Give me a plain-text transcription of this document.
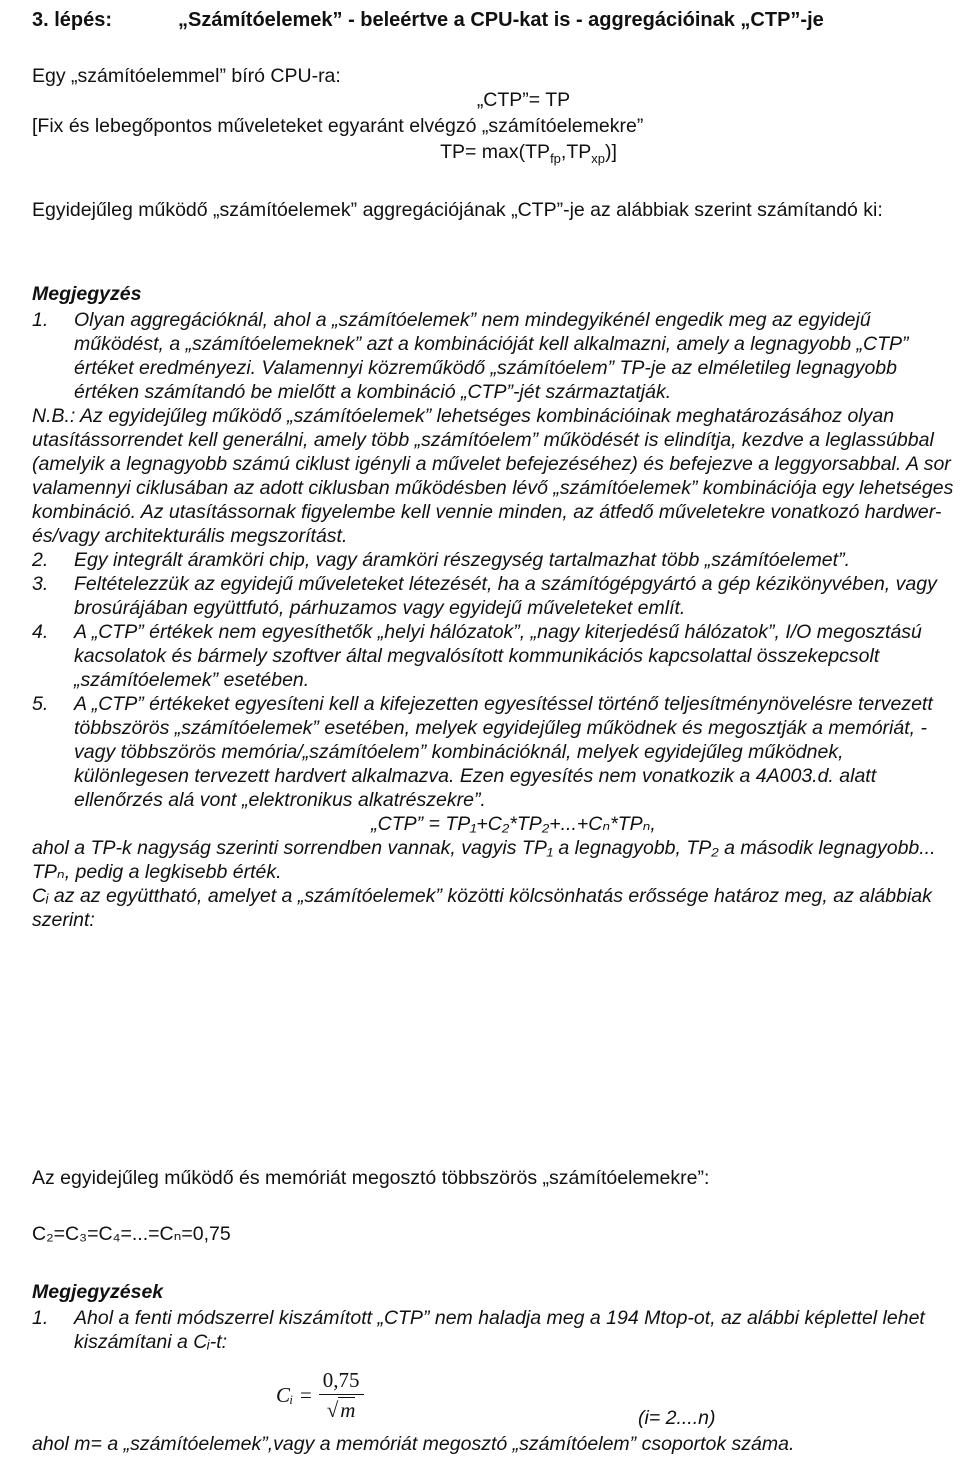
3. lépés:	„Számítóelemek” - beleértve a CPU-kat is - aggregációinak „CTP”-je
Egy „számítóelemmel” bíró CPU-ra:
„CTP”= TP
[Fix és lebegőpontos műveleteket egyaránt elvégzó „számítóelemekre”
$TP= \max(TP_{fp},TP_{xp})$]
Egyidejűleg működő „számítóelemek” aggregációjának „CTP”-je az alábbiak szerint számítandó ki:
Megjegyzés
1. Olyan aggregációknál, ahol a „számítóelemek” nem mindegyikénél engedik meg az egyidejű működést, a „számítóelemeknek” azt a kombinációját kell alkalmazni, amely a legnagyobb „CTP” értéket eredményezi. Valamennyi közreműködő „számítóelem” TP-je az elméletileg legnagyobb értéken számítandó be mielőtt a kombináció „CTP”-jét származtatják.
N.B.: Az egyidejűleg működő „számítóelemek” lehetséges kombinációinak meghatározásához olyan utasítássorrendet kell generálni, amely több „számítóelem” működését is elindítja, kezdve a leglassúbbal (amelyik a legnagyobb számú ciklust igényli a művelet befejezéséhez) és befejezve a leggyorsabbal. A sor valamennyi ciklusában az adott ciklusban működésben lévő „számítóelemek” kombinációja egy lehetséges kombináció. Az utasítássornak figyelembe kell vennie minden, az átfedő műveletekre vonatkozó hardwer- és/vagy architekturális megszorítást.
2. Egy integrált áramköri chip, vagy áramköri részegység tartalmazhat több „számítóelemet”.
3. Feltételezzük az egyidejű műveleteket létezését, ha a számítógépgyártó a gép kézikönyvében, vagy brosúrájában együttfutó, párhuzamos vagy egyidejű műveleteket említ.
4. A „CTP” értékek nem egyesíthetők „helyi hálózatok”, „nagy kiterjedésű hálózatok”, I/O megosztású kacsolatok és bármely szoftver által megvalósított kommunikációs kapcsolattal összekepcsolt „számítóelemek” esetében.
5. A „CTP” értékeket egyesíteni kell a kifejezetten egyesítéssel történő teljesítménynövelésre tervezett többszörös „számítóelemek” esetében, melyek egyidejűleg működnek és megosztják a memóriát, - vagy többszörös memória/„számítóelem” kombinációknál, melyek egyidejűleg működnek, különlegesen tervezett hardvert alkalmazva. Ezen egyesítés nem vonatkozik a 4A003.d. alatt ellenőrzés alá vont „elektronikus alkatrészekre”.
„CTP” = TP₁+C₂*TP₂+...+Cₙ*TPₙ,
ahol a TP-k nagyság szerinti sorrendben vannak, vagyis TP₁ a legnagyobb, TP₂ a második legnagyobb... TPₙ, pedig a legkisebb érték.
Cᵢ az az együttható, amelyet a „számítóelemek” közötti kölcsönhatás erőssége határoz meg, az alábbiak szerint:
Az egyidejűleg működő és memóriát megosztó többszörös „számítóelemekre”:
C₂=C₃=C₄=...=Cₙ=0,75
Megjegyzések
1. Ahol a fenti módszerrel kiszámított „CTP” nem haladja meg a 194 Mtop-ot, az alábbi képlettel lehet kiszámítani a Cᵢ-t:
Cᵢ = $\frac{0,75}{√m}$	(i= 2....n)
ahol m= a „számítóelemek”,vagy a memóriát megosztó „számítóelem” csoportok száma.
